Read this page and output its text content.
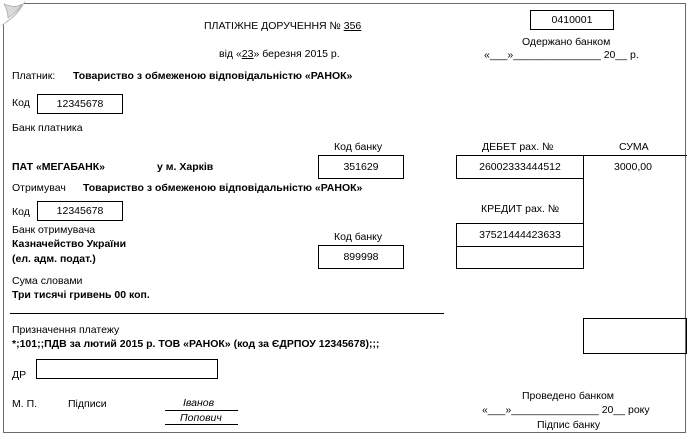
ПЛАТІЖНЕ ДОРУЧЕННЯ № 356
від «23» березня 2015 р.
0410001
Одержано банком
«___»_______________ 20__ р.
Платник: Товариство з обмеженою відповідальністю «РАНОК»
Код	12345678
Банк платника
Код банку
ПАТ «МЕГАБАНК»	у м. Харків	351629
ДЕБЕТ рах. №	СУМА
26002333444512	3000,00
Отримувач Товариство з обмеженою відповідальністю «РАНОК»
Код	12345678	КРЕДИТ рах. №
37521444423633
Банк отримувача
Казначейство України
(ел. адм. подат.)
Код банку
899998
Сума словами
Три тисячі гривень 00 коп.
Призначення платежу
*;101;;ПДВ за лютий 2015 р. ТОВ «РАНОК» (код за ЄДРПОУ 12345678);;;
ДР
М. П.	Підписи	Іванов
Попович
Проведено банком
«___»_______________ 20__ року
Підпис банку
